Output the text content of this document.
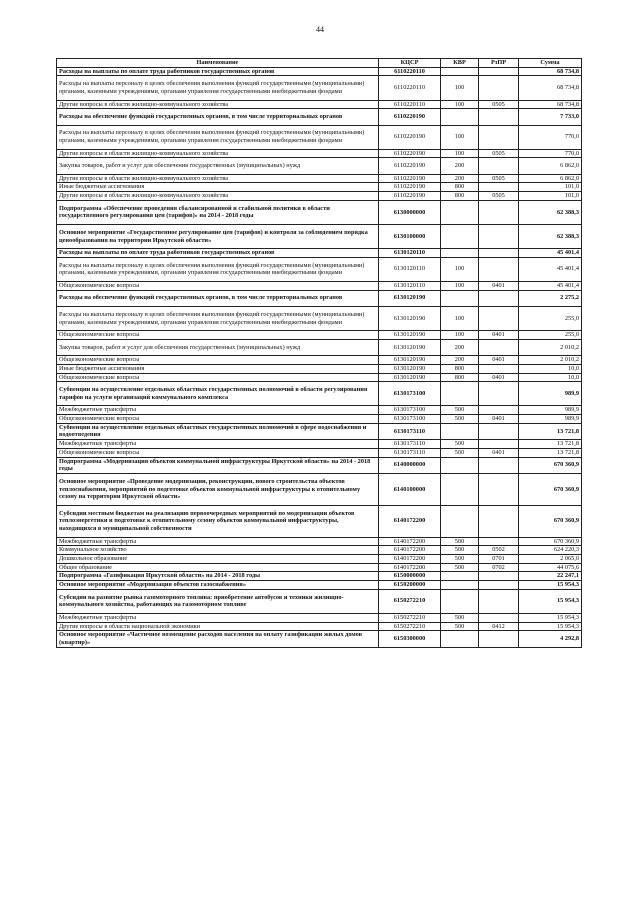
44
Наименование	КЦСР	КВР	РзПР	Сумма
Расходы на выплаты по оплате труда работников государственных органов	6110220110			68 734,8
Расходы на выплаты персоналу в целях обеспечения выполнения функций государственными (муниципальными) органами, казенными учреждениями, органами управления государственными внебюджетными фондами	6110220110	100		68 734,8
Другие вопросы в области жилищно-коммунального хозяйства	6110220110	100	0505	68 734,8
Расходы на обеспечение функций государственных органов, в том числе территориальных органов	6110220190			7 733,0
Расходы на выплаты персоналу в целях обеспечения выполнения функций государственными (муниципальными) органами, казенными учреждениями, органами управления государственными внебюджетными фондами	6110220190	100		770,0
Другие вопросы в области жилищно-коммунального хозяйства	6110220190	100	0505	770,0
Закупка товаров, работ и услуг для обеспечения государственных (муниципальных) нужд	6110220190	200		6 862,0
Другие вопросы в области жилищно-коммунального хозяйства	6110220190	200	0505	6 862,0
Иные бюджетные ассигнования	6110220190	800		101,0
Другие вопросы в области жилищно-коммунального хозяйства	6110220190	800	0505	101,0
Подпрограмма «Обеспечение проведения сбалансированной и стабильной политики в области государственного регулирования цен (тарифов)» на 2014 - 2018 годы	6130000000			62 388,3
Основное мероприятие «Государственное регулирование цен (тарифов) и контроля за соблюдением порядка ценообразования на территории Иркутской области»	6130100000			62 388,3
Расходы на выплаты по оплате труда работников государственных органов	6130120110			45 401,4
Расходы на выплаты персоналу в целях обеспечения выполнения функций государственными (муниципальными) органами, казенными учреждениями, органами управления государственными внебюджетными фондами	6130120110	100		45 401,4
Общеэкономические вопросы	6130120110	100	0401	45 401,4
Расходы на обеспечение функций государственных органов, в том числе территориальных органов	6130120190			2 275,2
Расходы на выплаты персоналу в целях обеспечения выполнения функций государственными (муниципальными) органами, казенными учреждениями, органами управления государственными внебюджетными фондами	6130120190	100		255,0
Общеэкономические вопросы	6130120190	100	0401	255,0
Закупка товаров, работ и услуг для обеспечения государственных (муниципальных) нужд	6130120190	200		2 010,2
Общеэкономические вопросы	6130120190	200	0401	2 010,2
Иные бюджетные ассигнования	6130120190	800		10,0
Общеэкономические вопросы	6130120190	800	0401	10,0
Субвенции на осуществление отдельных областных государственных полномочий в области регулирования тарифов на услуги организаций коммунального комплекса	6130173100			989,9
Межбюджетные трансферты	6130173100	500		989,9
Общеэкономические вопросы	6130173100	500	0401	989,9
Субвенции на осуществление отдельных областных государственных полномочий в сфере водоснабжения и водоотведения	6130173110			13 721,8
Межбюджетные трансферты	6130173110	500		13 721,8
Общеэкономические вопросы	6130173110	500	0401	13 721,8
Подпрограмма «Модернизация объектов коммунальной инфраструктуры Иркутской области» на 2014 - 2018 годы	6140000000			670 360,9
Основное мероприятие «Проведение модернизации, реконструкции, нового строительства объектов теплоснабжения, мероприятий по подготовке объектов коммунальной инфраструктуры к отопительному сезону на территории Иркутской области»	6140100000			670 360,9
Субсидии местным бюджетам на реализацию первоочередных мероприятий по модернизации объектов теплоэнергетики и подготовке к отопительному сезону объектов коммунальной инфраструктуры, находящихся в муниципальной собственности	6140172200			670 360,9
Межбюджетные трансферты	6140172200	500		670 360,9
Коммунальное хозяйство	6140172200	500	0502	624 220,3
Дошкольное образование	6140172200	500	0701	2 065,0
Общее образование	6140172200	500	0702	44 075,6
Подпрограмма «Газификация Иркутской области» на 2014 - 2018 годы	6150000000			22 247,1
Основное мероприятие «Модернизация объектов газоснабжения»	6150200000			15 954,3
Субсидии на развитие рынка газомоторного топлива: приобретение автобусов и техники жилищно-коммунального хозяйства, работающих на газомоторном топливе	6150272210			15 954,3
Межбюджетные трансферты	6150272210	500		15 954,3
Другие вопросы в области национальной экономики	6150272210	500	0412	15 954,3
Основное мероприятие «Частичное возмещение расходов населения на оплату газификации жилых домов (квартир)»	6150300000			4 292,8
